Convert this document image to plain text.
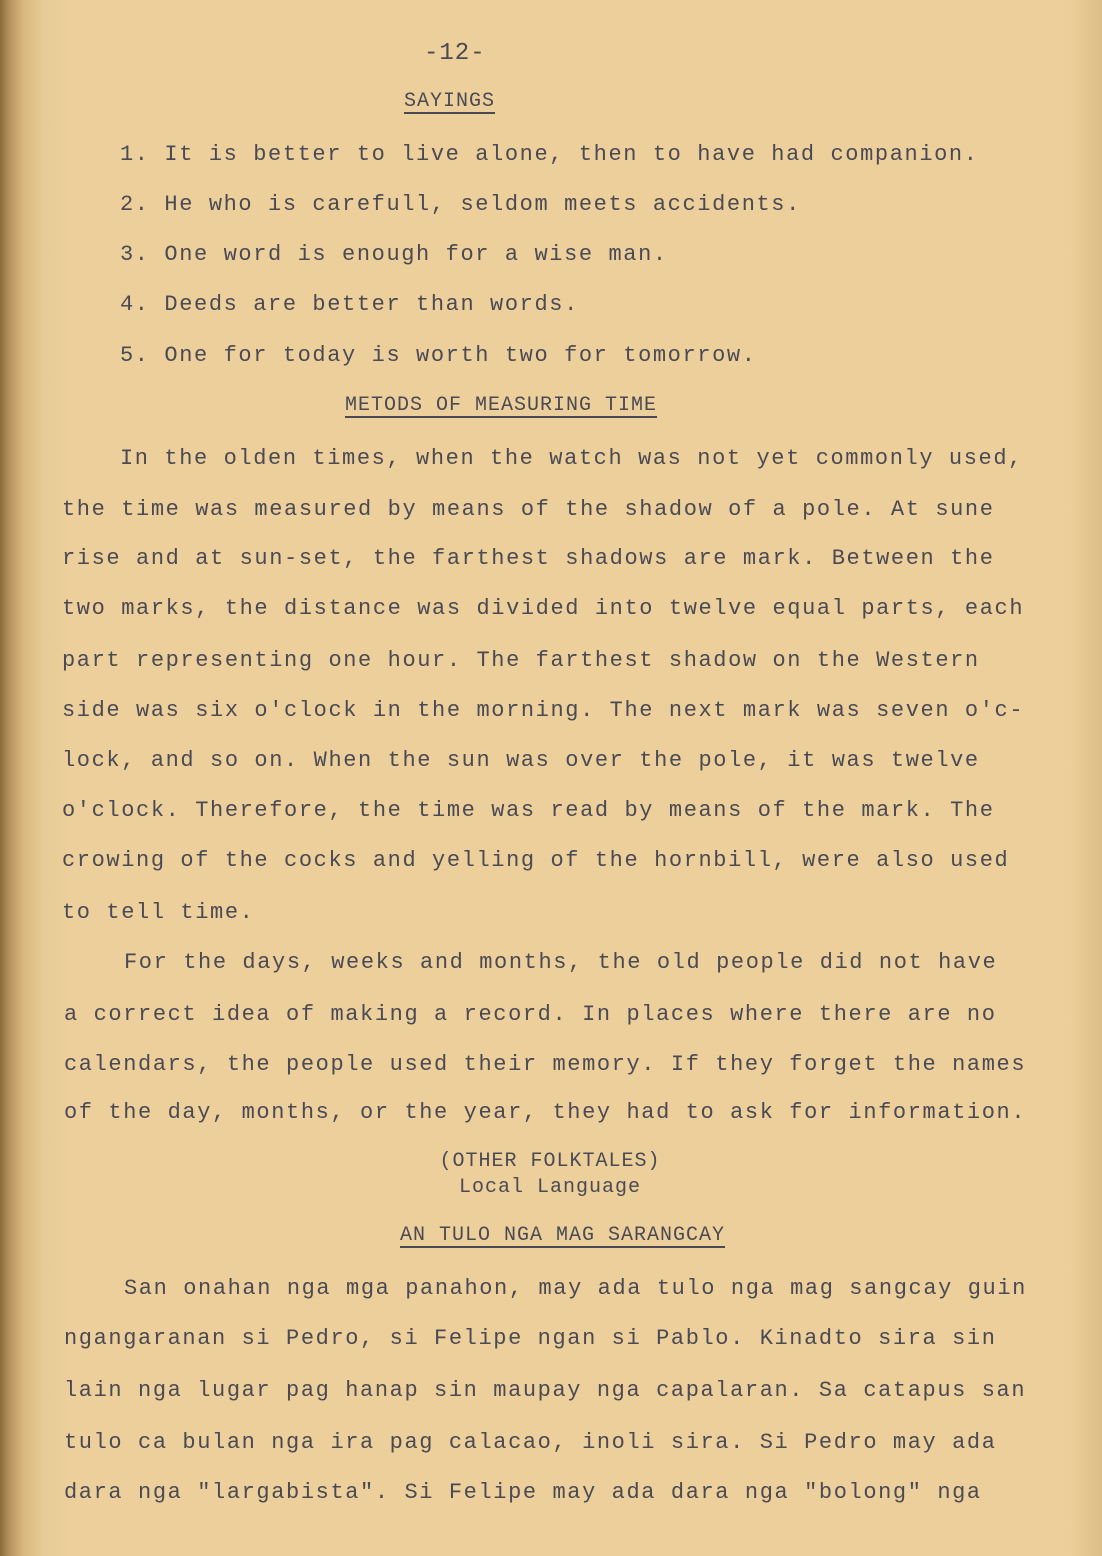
-12-
SAYINGS
1. It is better to live alone, then to have had companion.
2. He who is carefull, seldom meets accidents.
3. One word is enough for a wise man.
4. Deeds are better than words.
5. One for today is worth two for tomorrow.
METODS OF MEASURING TIME
In the olden times, when the watch was not yet commonly used,
the time was measured by means of the shadow of a pole. At sune
rise and at sun-set, the farthest shadows are mark. Between the
two marks, the distance was divided into twelve equal parts, each
part representing one hour. The farthest shadow on the Western
side was six o'clock in the morning. The next mark was seven o'c-
lock, and so on. When the sun was over the pole, it was twelve
o'clock. Therefore, the time was read by means of the mark. The
crowing of the cocks and yelling of the hornbill, were also used
to tell time.
For the days, weeks and months, the old people did not have
a correct idea of making a record. In places where there are no
calendars, the people used their memory. If they forget the names
of the day, months, or the year, they had to ask for information.
(OTHER FOLKTALES)
Local Language
AN TULO NGA MAG SARANGCAY
San onahan nga mga panahon, may ada tulo nga mag sangcay guin
ngangaranan si Pedro, si Felipe ngan si Pablo. Kinadto sira sin
lain nga lugar pag hanap sin maupay nga capalaran. Sa catapus san
tulo ca bulan nga ira pag calacao, inoli sira. Si Pedro may ada
dara nga "largabista". Si Felipe may ada dara nga "bolong" nga
